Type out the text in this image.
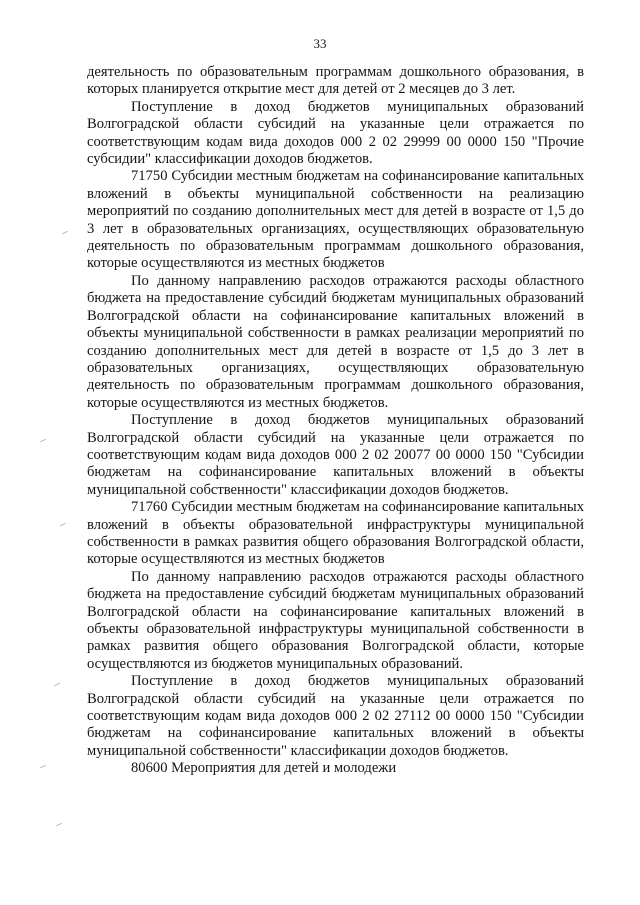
33

деятельность по образовательным программам дошкольного образования, в которых планируется открытие мест для детей от 2 месяцев до 3 лет.

Поступление в доход бюджетов муниципальных образований Волгоградской области субсидий на указанные цели отражается по соответствующим кодам вида доходов 000 2 02 29999 00 0000 150 "Прочие субсидии" классификации доходов бюджетов.

71750 Субсидии местным бюджетам на софинансирование капитальных вложений в объекты муниципальной собственности на реализацию мероприятий по созданию дополнительных мест для детей в возрасте от 1,5 до 3 лет в образовательных организациях, осуществляющих образовательную деятельность по образовательным программам дошкольного образования, которые осуществляются из местных бюджетов

По данному направлению расходов отражаются расходы областного бюджета на предоставление субсидий бюджетам муниципальных образований Волгоградской области на софинансирование капитальных вложений в объекты муниципальной собственности в рамках реализации мероприятий по созданию дополнительных мест для детей в возрасте от 1,5 до 3 лет в образовательных организациях, осуществляющих образовательную деятельность по образовательным программам дошкольного образования, которые осуществляются из местных бюджетов.

Поступление в доход бюджетов муниципальных образований Волгоградской области субсидий на указанные цели отражается по соответствующим кодам вида доходов 000 2 02 20077 00 0000 150 "Субсидии бюджетам на софинансирование капитальных вложений в объекты муниципальной собственности" классификации доходов бюджетов.

71760 Субсидии местным бюджетам на софинансирование капитальных вложений в объекты образовательной инфраструктуры муниципальной собственности в рамках развития общего образования Волгоградской области, которые осуществляются из местных бюджетов

По данному направлению расходов отражаются расходы областного бюджета на предоставление субсидий бюджетам муниципальных образований Волгоградской области на софинансирование капитальных вложений в объекты образовательной инфраструктуры муниципальной собственности в рамках развития общего образования Волгоградской области, которые осуществляются из бюджетов муниципальных образований.

Поступление в доход бюджетов муниципальных образований Волгоградской области субсидий на указанные цели отражается по соответствующим кодам вида доходов 000 2 02 27112 00 0000 150 "Субсидии бюджетам на софинансирование капитальных вложений в объекты муниципальной собственности" классификации доходов бюджетов.

80600 Мероприятия для детей и молодежи
